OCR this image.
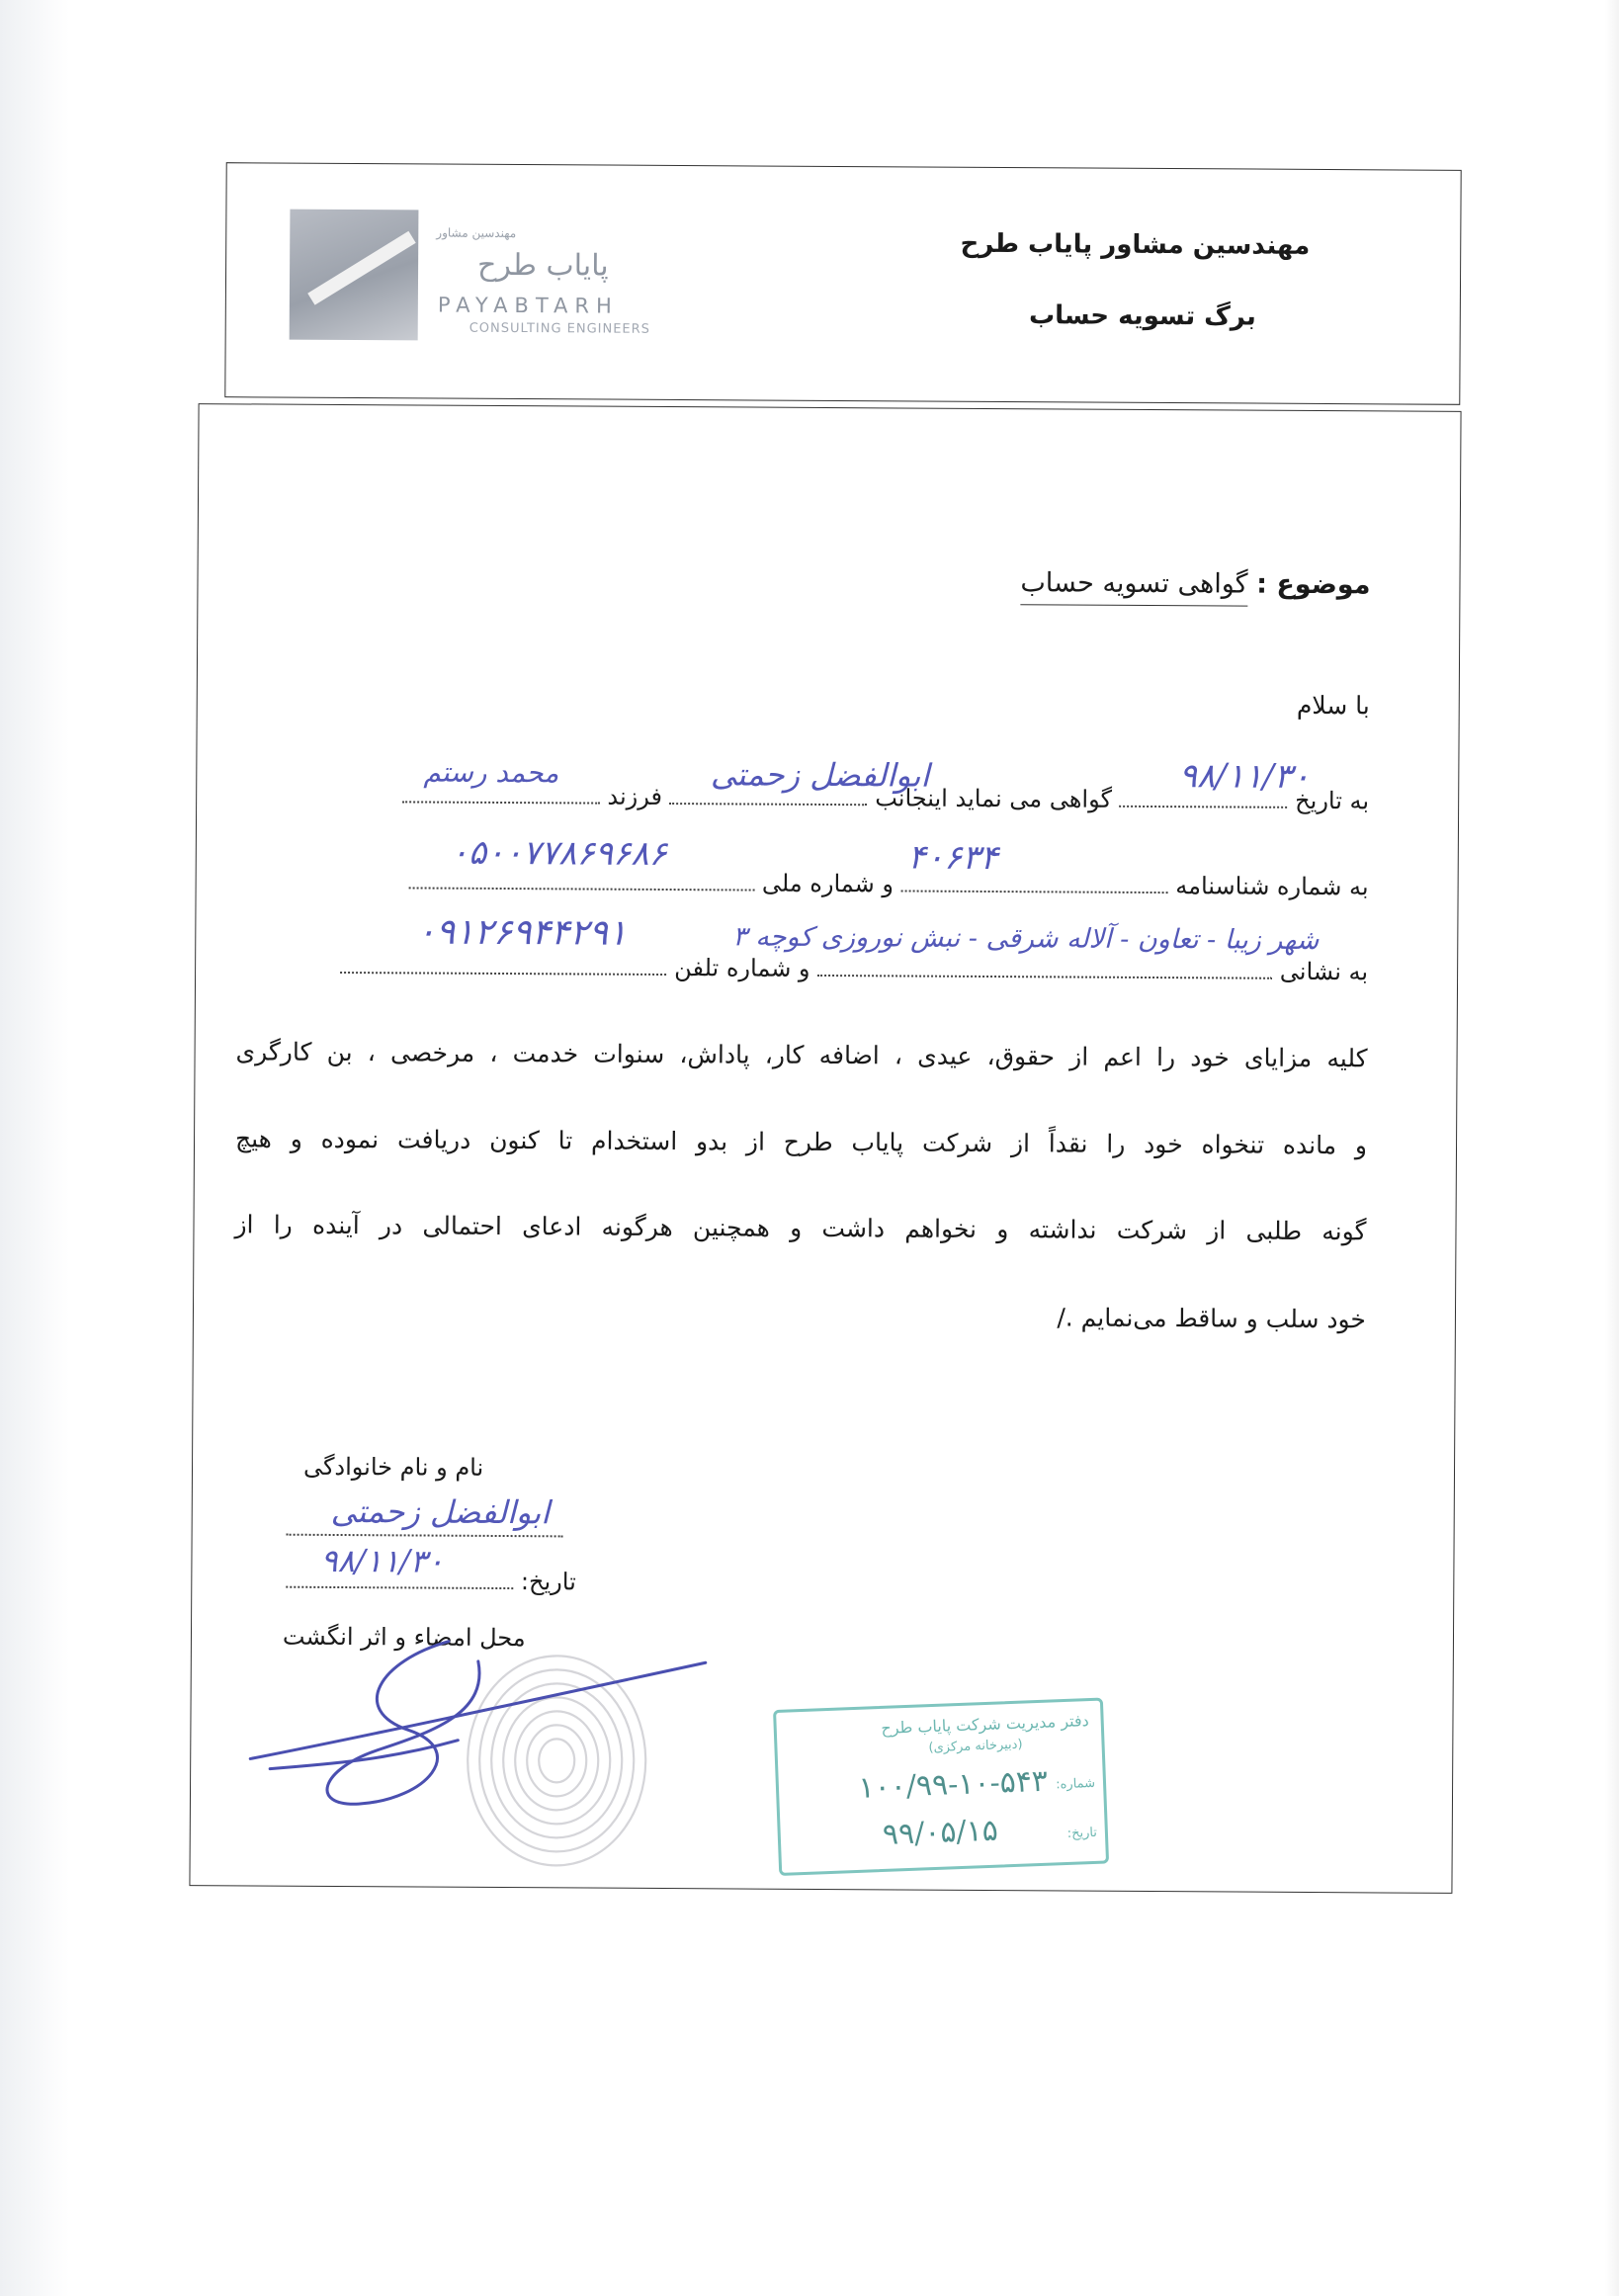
مهندسین مشاور
پایاب طرح
PAYABTARH
CONSULTING ENGINEERS
مهندسین مشاور پایاب طرح
برگ تسویه حساب
موضوع : گواهی تسویه حساب
با سلام
به تاریخ  گواهی می نماید اینجانب  فرزند	۹۸/۱۱/۳۰
ابوالفضل زحمتی
محمد رستم
به شماره شناسنامه  و شماره ملی
۴۰۶۳۴
۰۵۰۰۷۷۸۶۹۶۸۶
به نشانی  و شماره تلفن
شهر زیبا - تعاون - آلاله شرقی - نبش نوروزی کوچه ۳
۰۹۱۲۶۹۴۴۲۹۱
کلیه مزایای خود را اعم از حقوق، عیدی ، اضافه کار، پاداش، سنوات خدمت ، مرخصی ، بن کارگری
و مانده تنخواه خود را نقداً از شرکت پایاب طرح از بدو استخدام تا کنون دریافت نموده و هیچ
گونه طلبی از شرکت نداشته و نخواهم داشت و همچنین هرگونه ادعای احتمالی در آینده را از
خود سلب و ساقط می‌نمایم ./
نام و نام خانوادگی
ابوالفضل زحمتی
تاریخ:
۹۸/۱۱/۳۰
محل امضاء و اثر انگشت
دفتر مدیریت شرکت پایاب طرح
(دبیرخانه مرکزی)
شماره:
۱۰۰/۹۹-۱۰-۵۴۳
تاریخ:
۹۹/۰۵/۱۵
